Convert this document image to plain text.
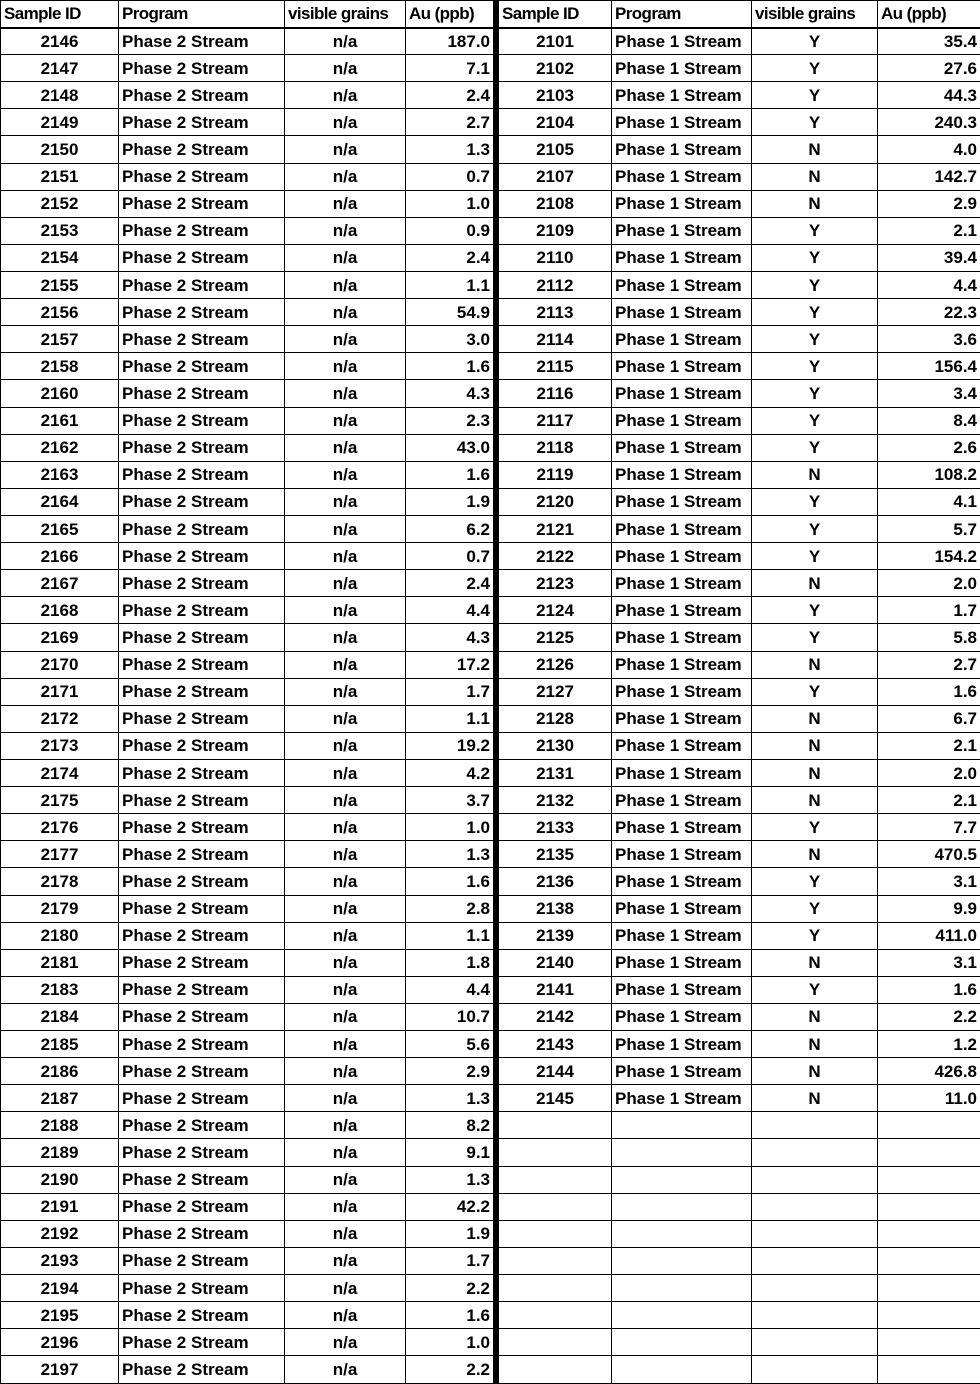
Sample ID	Program	visible grains	Au (ppb)
2146	Phase 2 Stream	n/a	187.0
2147	Phase 2 Stream	n/a	7.1
2148	Phase 2 Stream	n/a	2.4
2149	Phase 2 Stream	n/a	2.7
2150	Phase 2 Stream	n/a	1.3
2151	Phase 2 Stream	n/a	0.7
2152	Phase 2 Stream	n/a	1.0
2153	Phase 2 Stream	n/a	0.9
2154	Phase 2 Stream	n/a	2.4
2155	Phase 2 Stream	n/a	1.1
2156	Phase 2 Stream	n/a	54.9
2157	Phase 2 Stream	n/a	3.0
2158	Phase 2 Stream	n/a	1.6
2160	Phase 2 Stream	n/a	4.3
2161	Phase 2 Stream	n/a	2.3
2162	Phase 2 Stream	n/a	43.0
2163	Phase 2 Stream	n/a	1.6
2164	Phase 2 Stream	n/a	1.9
2165	Phase 2 Stream	n/a	6.2
2166	Phase 2 Stream	n/a	0.7
2167	Phase 2 Stream	n/a	2.4
2168	Phase 2 Stream	n/a	4.4
2169	Phase 2 Stream	n/a	4.3
2170	Phase 2 Stream	n/a	17.2
2171	Phase 2 Stream	n/a	1.7
2172	Phase 2 Stream	n/a	1.1
2173	Phase 2 Stream	n/a	19.2
2174	Phase 2 Stream	n/a	4.2
2175	Phase 2 Stream	n/a	3.7
2176	Phase 2 Stream	n/a	1.0
2177	Phase 2 Stream	n/a	1.3
2178	Phase 2 Stream	n/a	1.6
2179	Phase 2 Stream	n/a	2.8
2180	Phase 2 Stream	n/a	1.1
2181	Phase 2 Stream	n/a	1.8
2183	Phase 2 Stream	n/a	4.4
2184	Phase 2 Stream	n/a	10.7
2185	Phase 2 Stream	n/a	5.6
2186	Phase 2 Stream	n/a	2.9
2187	Phase 2 Stream	n/a	1.3
2188	Phase 2 Stream	n/a	8.2
2189	Phase 2 Stream	n/a	9.1
2190	Phase 2 Stream	n/a	1.3
2191	Phase 2 Stream	n/a	42.2
2192	Phase 2 Stream	n/a	1.9
2193	Phase 2 Stream	n/a	1.7
2194	Phase 2 Stream	n/a	2.2
2195	Phase 2 Stream	n/a	1.6
2196	Phase 2 Stream	n/a	1.0
2197	Phase 2 Stream	n/a	2.2
Sample ID	Program	visible grains	Au (ppb)
2101	Phase 1 Stream	Y	35.4
2102	Phase 1 Stream	Y	27.6
2103	Phase 1 Stream	Y	44.3
2104	Phase 1 Stream	Y	240.3
2105	Phase 1 Stream	N	4.0
2107	Phase 1 Stream	N	142.7
2108	Phase 1 Stream	N	2.9
2109	Phase 1 Stream	Y	2.1
2110	Phase 1 Stream	Y	39.4
2112	Phase 1 Stream	Y	4.4
2113	Phase 1 Stream	Y	22.3
2114	Phase 1 Stream	Y	3.6
2115	Phase 1 Stream	Y	156.4
2116	Phase 1 Stream	Y	3.4
2117	Phase 1 Stream	Y	8.4
2118	Phase 1 Stream	Y	2.6
2119	Phase 1 Stream	N	108.2
2120	Phase 1 Stream	Y	4.1
2121	Phase 1 Stream	Y	5.7
2122	Phase 1 Stream	Y	154.2
2123	Phase 1 Stream	N	2.0
2124	Phase 1 Stream	Y	1.7
2125	Phase 1 Stream	Y	5.8
2126	Phase 1 Stream	N	2.7
2127	Phase 1 Stream	Y	1.6
2128	Phase 1 Stream	N	6.7
2130	Phase 1 Stream	N	2.1
2131	Phase 1 Stream	N	2.0
2132	Phase 1 Stream	N	2.1
2133	Phase 1 Stream	Y	7.7
2135	Phase 1 Stream	N	470.5
2136	Phase 1 Stream	Y	3.1
2138	Phase 1 Stream	Y	9.9
2139	Phase 1 Stream	Y	411.0
2140	Phase 1 Stream	N	3.1
2141	Phase 1 Stream	Y	1.6
2142	Phase 1 Stream	N	2.2
2143	Phase 1 Stream	N	1.2
2144	Phase 1 Stream	N	426.8
2145	Phase 1 Stream	N	11.0
